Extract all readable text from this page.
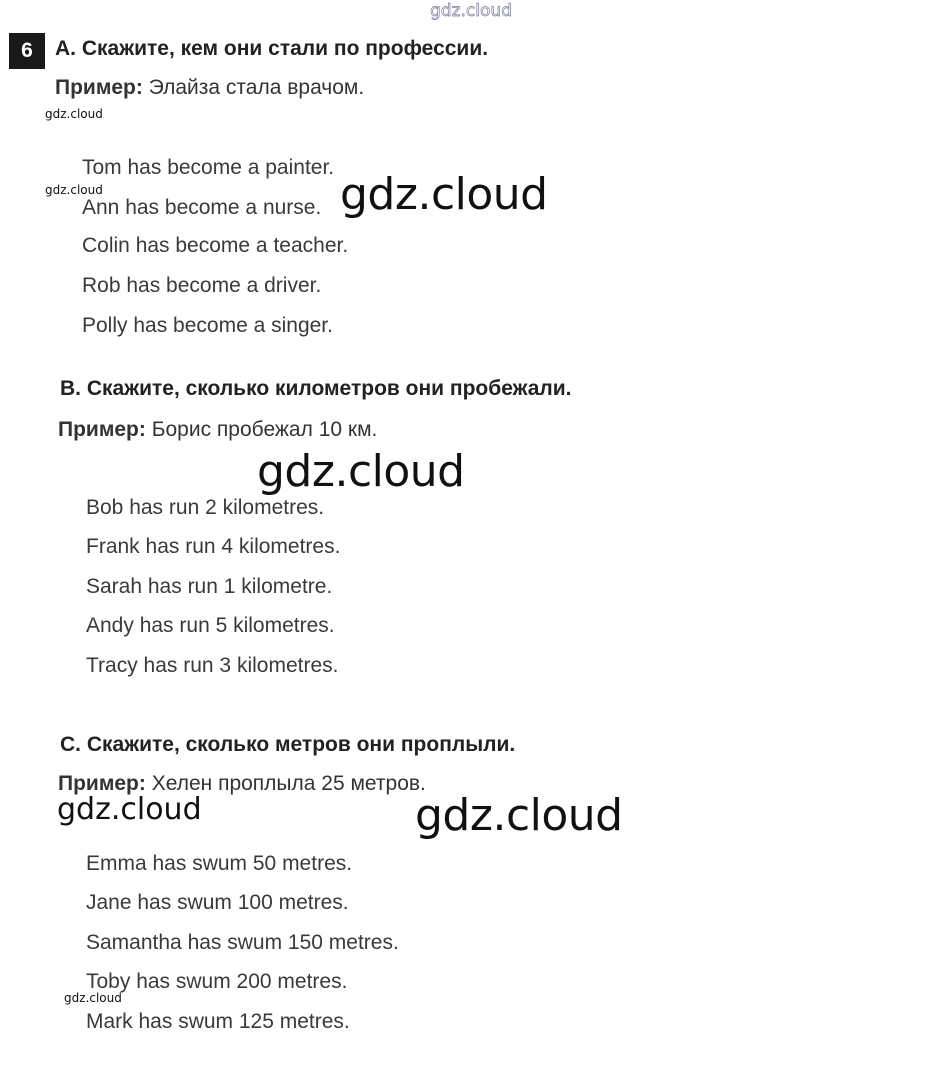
gdz.cloud
6	A. Скажите, кем они стали по профессии.
Пример: Элайза стала врачом.
gdz.cloud
Tom has become a painter.
gdz.cloud
Ann has become a nurse. gdz.cloud
Colin has become a teacher.
Rob has become a driver.
Polly has become a singer.
B. Скажите, сколько километров они пробежали.
Пример: Борис пробежал 10 км.
gdz.cloud
Bob has run 2 kilometres.
Frank has run 4 kilometres.
Sarah has run 1 kilometre.
Andy has run 5 kilometres.
Tracy has run 3 kilometres.
C. Скажите, сколько метров они проплыли.
Пример: Хелен проплыла 25 метров.
gdz.cloud	gdz.cloud
Emma has swum 50 metres.
Jane has swum 100 metres.
Samantha has swum 150 metres.
Toby has swum 200 metres.
gdz.cloud
Mark has swum 125 metres.
